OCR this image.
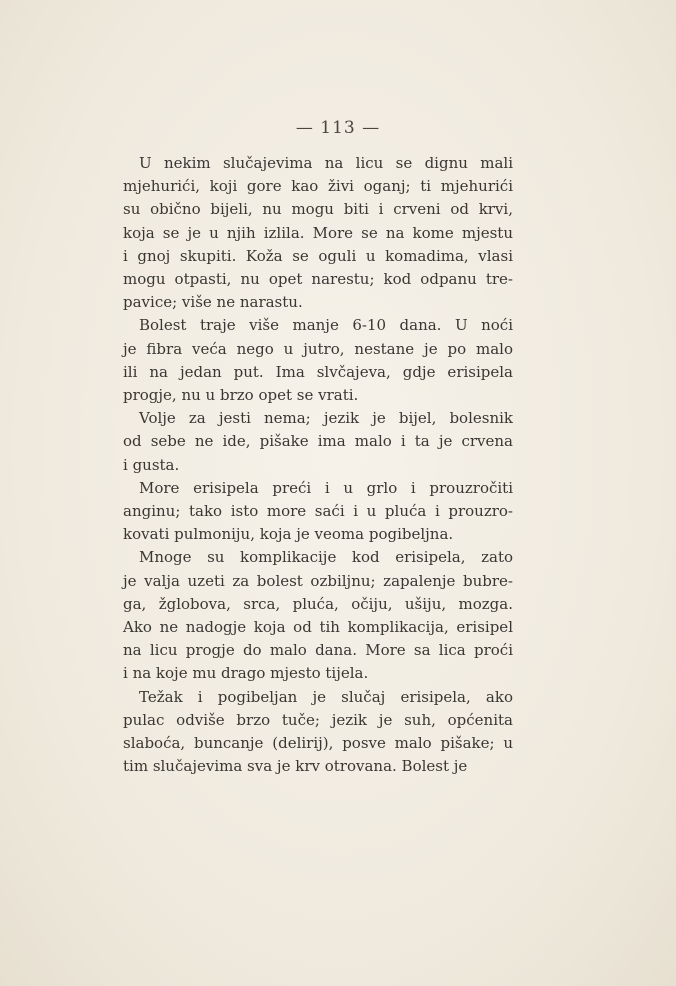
— 113 —

U nekim slučajevima na licu se dignu mali
mjehurići, koji gore kao živi oganj; ti mjehurići
su obično bijeli, nu mogu biti i crveni od krvi,
koja se je u njih izlila. More se na kome mjestu
i gnoj skupiti. Koža se oguli u komadima, vlasi
mogu otpasti, nu opet narestu; kod odpanu tre-
pavice; više ne narastu.

Bolest traje više manje 6-10 dana. U noći
je fibra veća nego u jutro, nestane je po malo
ili na jedan put. Ima slvčajeva, gdje erisipela
progje, nu u brzo opet se vrati.

Volje za jesti nema; jezik je bijel, bolesnik
od sebe ne ide, pišake ima malo i ta je crvena
i gusta.

More erisipela preći i u grlo i prouzročiti
anginu; tako isto more saći i u pluća i prouzro-
kovati pulmoniju, koja je veoma pogibeljna.

Mnoge su komplikacije kod erisipela, zato
je valja uzeti za bolest ozbiljnu; zapalenje bubre-
ga, žglobova, srca, pluća, očiju, ušiju, mozga.
Ako ne nadogje koja od tih komplikacija, erisipel
na licu progje do malo dana. More sa lica proći
i na koje mu drago mjesto tijela.

Težak i pogibeljan je slučaj erisipela, ako
pulac odviše brzo tuče; jezik je suh, općenita
slaboća, buncanje (delirij), posve malo pišake; u
tim slučajevima sva je krv otrovana. Bolest je
